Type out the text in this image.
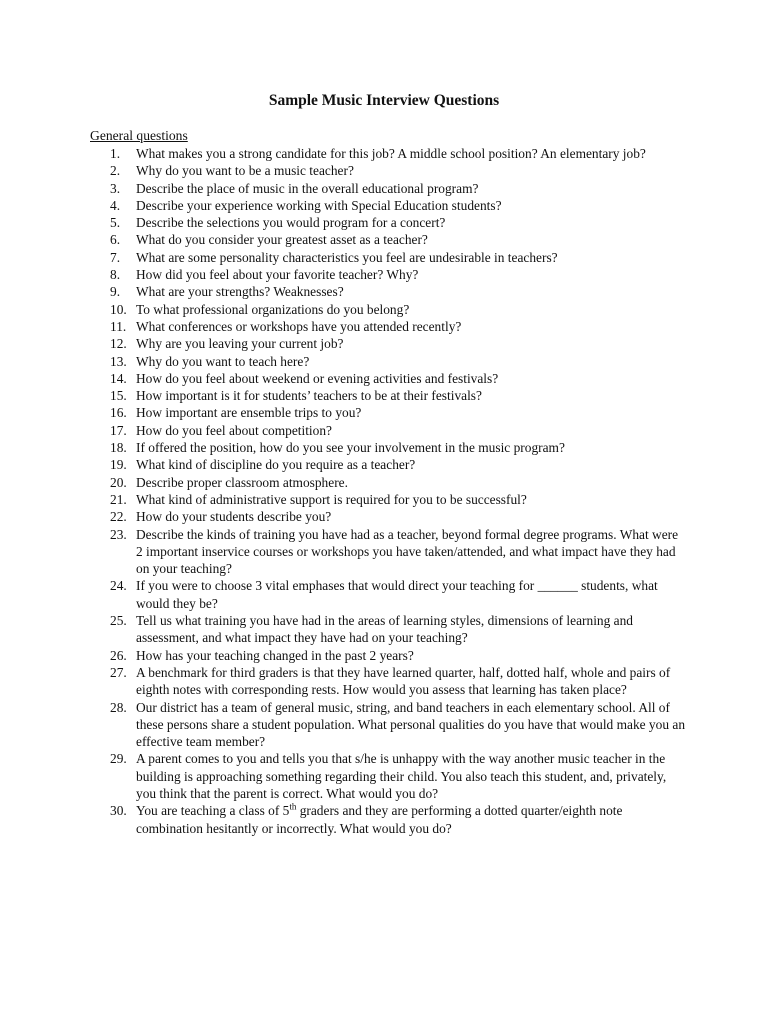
Sample Music Interview Questions
General questions
1. What makes you a strong candidate for this job? A middle school position? An elementary job?
2. Why do you want to be a music teacher?
3. Describe the place of music in the overall educational program?
4. Describe your experience working with Special Education students?
5. Describe the selections you would program for a concert?
6. What do you consider your greatest asset as a teacher?
7. What are some personality characteristics you feel are undesirable in teachers?
8. How did you feel about your favorite teacher? Why?
9. What are your strengths? Weaknesses?
10. To what professional organizations do you belong?
11. What conferences or workshops have you attended recently?
12. Why are you leaving your current job?
13. Why do you want to teach here?
14. How do you feel about weekend or evening activities and festivals?
15. How important is it for students’ teachers to be at their festivals?
16. How important are ensemble trips to you?
17. How do you feel about competition?
18. If offered the position, how do you see your involvement in the music program?
19. What kind of discipline do you require as a teacher?
20. Describe proper classroom atmosphere.
21. What kind of administrative support is required for you to be successful?
22. How do your students describe you?
23. Describe the kinds of training you have had as a teacher, beyond formal degree programs. What were 2 important inservice courses or workshops you have taken/attended, and what impact have they had on your teaching?
24. If you were to choose 3 vital emphases that would direct your teaching for ______ students, what would they be?
25. Tell us what training you have had in the areas of learning styles, dimensions of learning and assessment, and what impact they have had on your teaching?
26. How has your teaching changed in the past 2 years?
27. A benchmark for third graders is that they have learned quarter, half, dotted half, whole and pairs of eighth notes with corresponding rests. How would you assess that learning has taken place?
28. Our district has a team of general music, string, and band teachers in each elementary school. All of these persons share a student population. What personal qualities do you have that would make you an effective team member?
29. A parent comes to you and tells you that s/he is unhappy with the way another music teacher in the building is approaching something regarding their child. You also teach this student, and, privately, you think that the parent is correct. What would you do?
30. You are teaching a class of 5th graders and they are performing a dotted quarter/eighth note combination hesitantly or incorrectly. What would you do?
